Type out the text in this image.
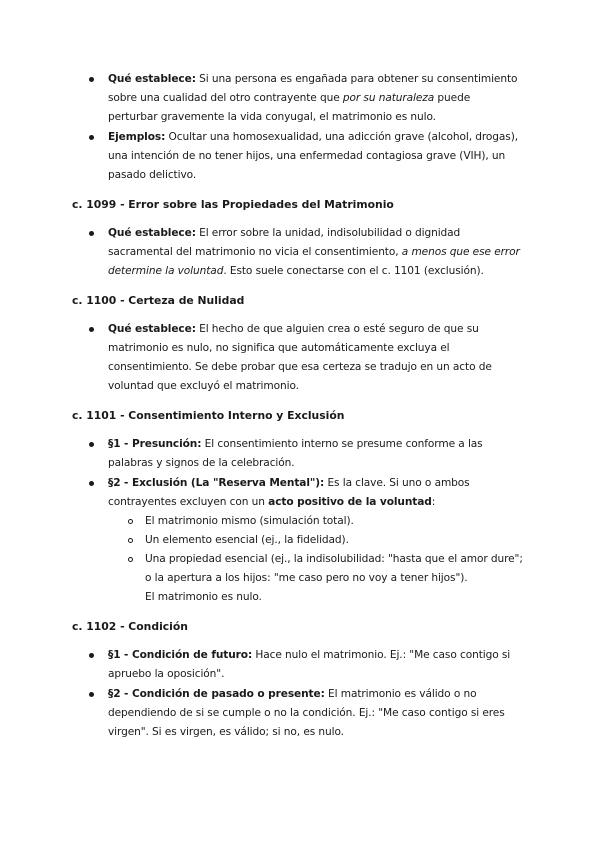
Qué establece: Si una persona es engañada para obtener su consentimiento sobre una cualidad del otro contrayente que por su naturaleza puede perturbar gravemente la vida conyugal, el matrimonio es nulo.
Ejemplos: Ocultar una homosexualidad, una adicción grave (alcohol, drogas), una intención de no tener hijos, una enfermedad contagiosa grave (VIH), un pasado delictivo.
c. 1099 - Error sobre las Propiedades del Matrimonio
Qué establece: El error sobre la unidad, indisolubilidad o dignidad sacramental del matrimonio no vicia el consentimiento, a menos que ese error determine la voluntad. Esto suele conectarse con el c. 1101 (exclusión).
c. 1100 - Certeza de Nulidad
Qué establece: El hecho de que alguien crea o esté seguro de que su matrimonio es nulo, no significa que automáticamente excluya el consentimiento. Se debe probar que esa certeza se tradujo en un acto de voluntad que excluyó el matrimonio.
c. 1101 - Consentimiento Interno y Exclusión
§1 - Presunción: El consentimiento interno se presume conforme a las palabras y signos de la celebración.
§2 - Exclusión (La "Reserva Mental"): Es la clave. Si uno o ambos contrayentes excluyen con un acto positivo de la voluntad:
El matrimonio mismo (simulación total).
Un elemento esencial (ej., la fidelidad).
Una propiedad esencial (ej., la indisolubilidad: "hasta que el amor dure"; o la apertura a los hijos: "me caso pero no voy a tener hijos").
El matrimonio es nulo.
c. 1102 - Condición
§1 - Condición de futuro: Hace nulo el matrimonio. Ej.: "Me caso contigo si apruebo la oposición".
§2 - Condición de pasado o presente: El matrimonio es válido o no dependiendo de si se cumple o no la condición. Ej.: "Me caso contigo si eres virgen". Si es virgen, es válido; si no, es nulo.
